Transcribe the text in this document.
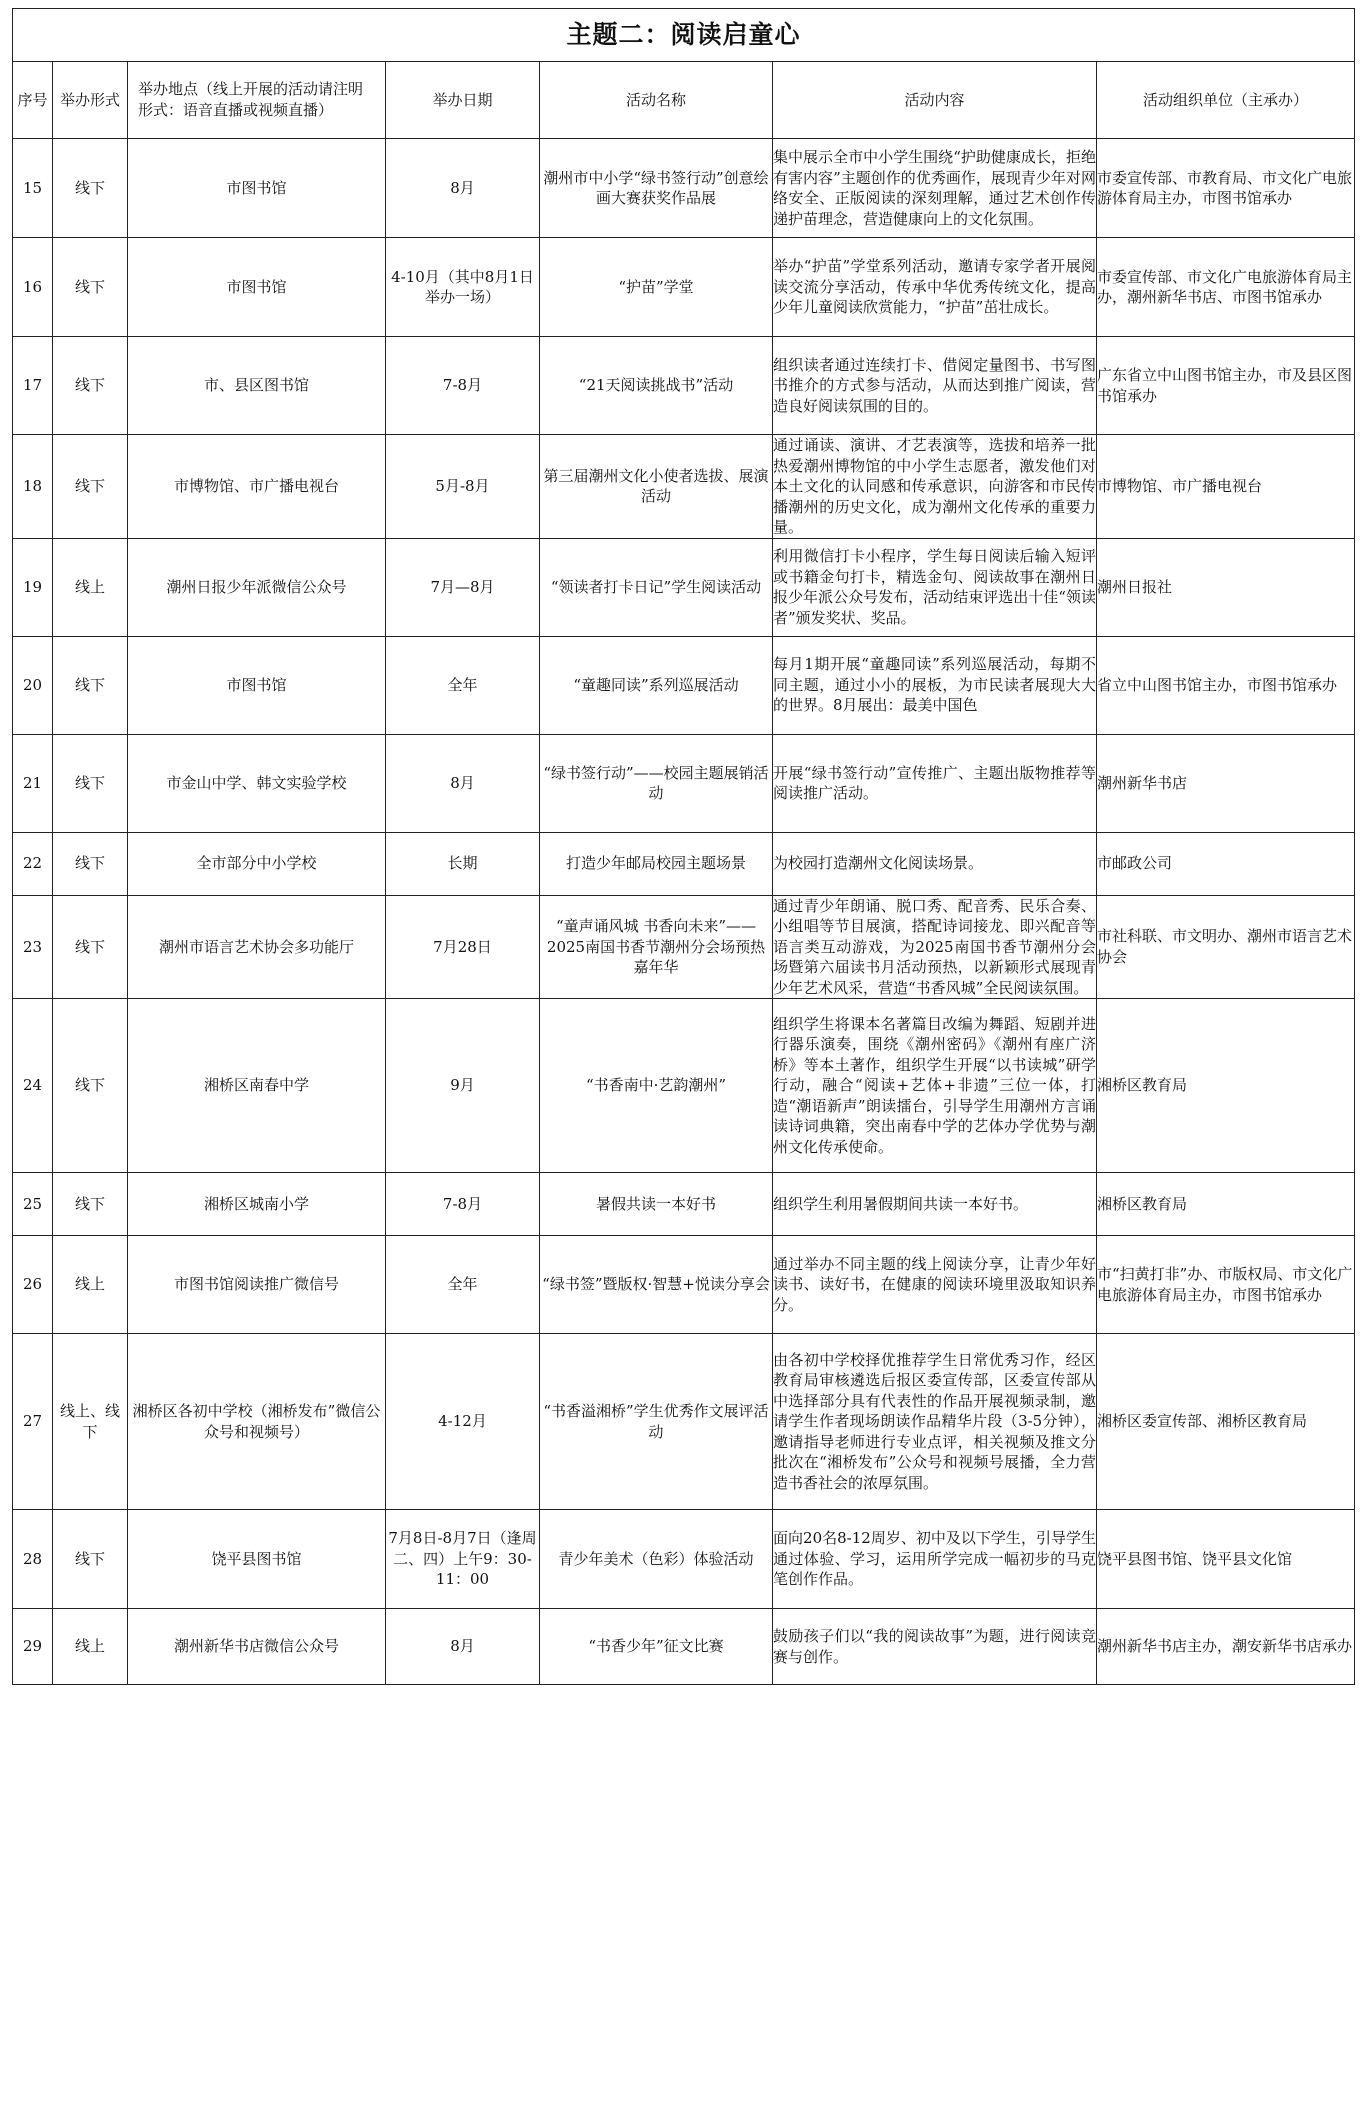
主题二：阅读启童心						
序号	举办形式	举办地点（线上开展的活动请注明形式：语音直播或视频直播）	举办日期	活动名称	活动内容	活动组织单位（主承办）
15	线下	市图书馆	8月	潮州市中小学“绿书签行动”创意绘画大赛获奖作品展	集中展示全市中小学生围绕“护助健康成长，拒绝有害内容”主题创作的优秀画作，展现青少年对网络安全、正版阅读的深刻理解，通过艺术创作传递护苗理念，营造健康向上的文化氛围。	市委宣传部、市教育局、市文化广电旅游体育局主办，市图书馆承办
16	线下	市图书馆	4-10月（其中8月1日举办一场）	“护苗”学堂	举办“护苗”学堂系列活动，邀请专家学者开展阅读交流分享活动，传承中华优秀传统文化，提高少年儿童阅读欣赏能力，“护苗”茁壮成长。	市委宣传部、市文化广电旅游体育局主办，潮州新华书店、市图书馆承办
17	线下	市、县区图书馆	7-8月	“21天阅读挑战书”活动	组织读者通过连续打卡、借阅定量图书、书写图书推介的方式参与活动，从而达到推广阅读，营造良好阅读氛围的目的。	广东省立中山图书馆主办，市及县区图书馆承办
18	线下	市博物馆、市广播电视台	5月-8月	第三届潮州文化小使者选拔、展演活动	通过诵读、演讲、才艺表演等，选拔和培养一批热爱潮州博物馆的中小学生志愿者，激发他们对本土文化的认同感和传承意识，向游客和市民传播潮州的历史文化，成为潮州文化传承的重要力量。	市博物馆、市广播电视台
19	线上	潮州日报少年派微信公众号	7月—8月	“领读者打卡日记”学生阅读活动	利用微信打卡小程序，学生每日阅读后输入短评或书籍金句打卡，精选金句、阅读故事在潮州日报少年派公众号发布，活动结束评选出十佳“领读者”颁发奖状、奖品。	潮州日报社
20	线下	市图书馆	全年	“童趣同读”系列巡展活动	每月1期开展“童趣同读”系列巡展活动，每期不同主题，通过小小的展板，为市民读者展现大大的世界。8月展出：最美中国色	省立中山图书馆主办，市图书馆承办
21	线下	市金山中学、韩文实验学校	8月	“绿书签行动”——校园主题展销活动	开展“绿书签行动”宣传推广、主题出版物推荐等阅读推广活动。	潮州新华书店
22	线下	全市部分中小学校	长期	打造少年邮局校园主题场景	为校园打造潮州文化阅读场景。	市邮政公司
23	线下	潮州市语言艺术协会多功能厅	7月28日	“童声诵风城 书香向未来”——2025南国书香节潮州分会场预热嘉年华	通过青少年朗诵、脱口秀、配音秀、民乐合奏、小组唱等节目展演，搭配诗词接龙、即兴配音等语言类互动游戏，为2025南国书香节潮州分会场暨第六届读书月活动预热，以新颖形式展现青少年艺术风采，营造“书香风城”全民阅读氛围。	市社科联、市文明办、潮州市语言艺术协会
24	线下	湘桥区南春中学	9月	“书香南中·艺韵潮州”	组织学生将课本名著篇目改编为舞蹈、短剧并进行器乐演奏，围绕《潮州密码》《潮州有座广济桥》等本土著作，组织学生开展“以书读城”研学行动，融合“阅读+艺体+非遗”三位一体，打造“潮语新声”朗读擂台，引导学生用潮州方言诵读诗词典籍，突出南春中学的艺体办学优势与潮州文化传承使命。	湘桥区教育局
25	线下	湘桥区城南小学	7-8月	暑假共读一本好书	组织学生利用暑假期间共读一本好书。	湘桥区教育局
26	线上	市图书馆阅读推广微信号	全年	“绿书签”暨版权·智慧+悦读分享会	通过举办不同主题的线上阅读分享，让青少年好读书、读好书，在健康的阅读环境里汲取知识养分。	市“扫黄打非”办、市版权局、市文化广电旅游体育局主办，市图书馆承办
27	线上、线下	湘桥区各初中学校（湘桥发布”微信公众号和视频号）	4-12月	“书香溢湘桥”学生优秀作文展评活动	由各初中学校择优推荐学生日常优秀习作，经区教育局审核遴选后报区委宣传部，区委宣传部从中选择部分具有代表性的作品开展视频录制，邀请学生作者现场朗读作品精华片段（3-5分钟），邀请指导老师进行专业点评，相关视频及推文分批次在“湘桥发布”公众号和视频号展播，全力营造书香社会的浓厚氛围。	湘桥区委宣传部、湘桥区教育局
28	线下	饶平县图书馆	7月8日-8月7日（逢周二、四）上午9：30-11：00	青少年美术（色彩）体验活动	面向20名8-12周岁、初中及以下学生，引导学生通过体验、学习，运用所学完成一幅初步的马克笔创作作品。	饶平县图书馆、饶平县文化馆
29	线上	潮州新华书店微信公众号	8月	“书香少年”征文比赛	鼓励孩子们以“我的阅读故事”为题，进行阅读竞赛与创作。	潮州新华书店主办，潮安新华书店承办
